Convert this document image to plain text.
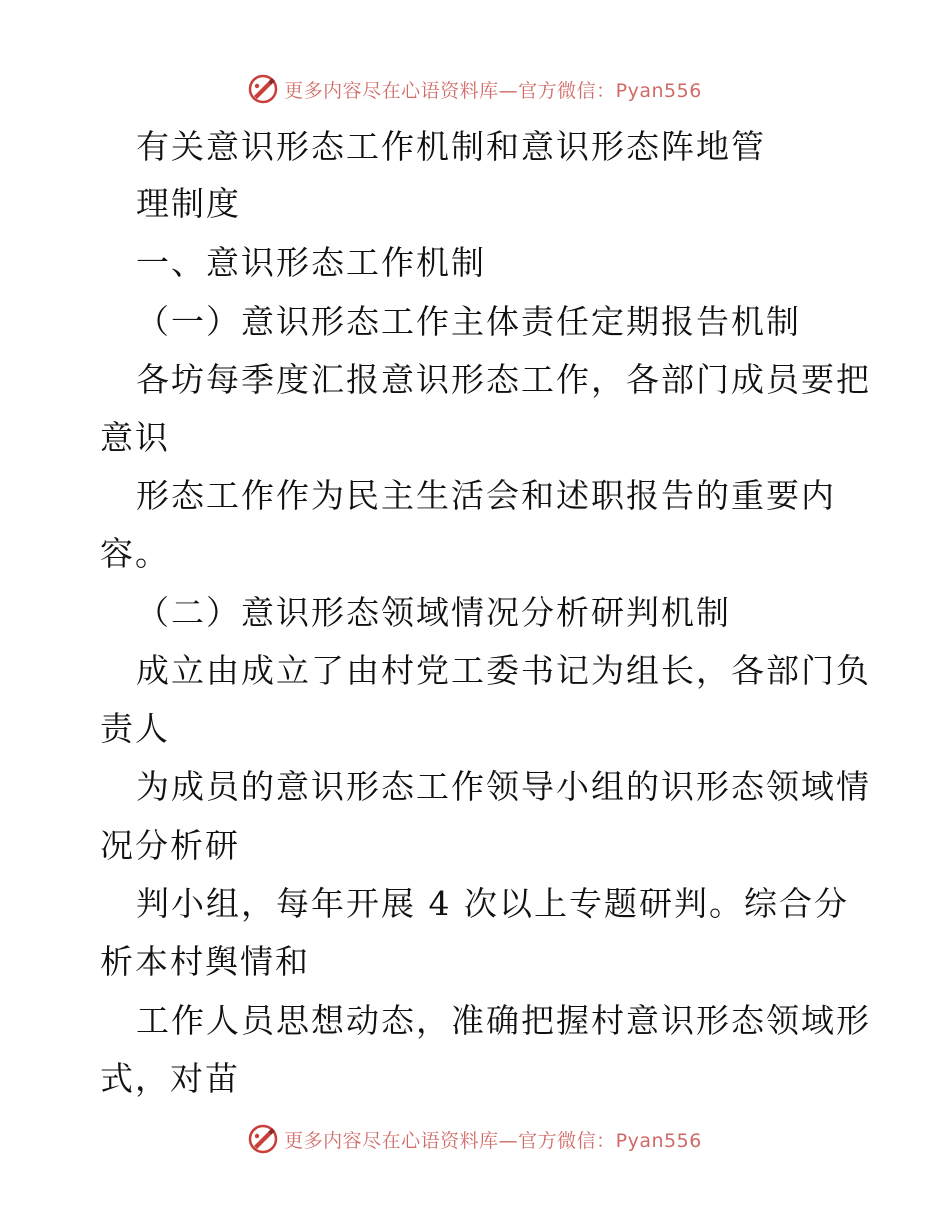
更多内容尽在心语资料库—官方微信：Pyan556
有关意识形态工作机制和意识形态阵地管
理制度
一、意识形态工作机制
（一）意识形态工作主体责任定期报告机制
各坊每季度汇报意识形态工作，各部门成员要把
意识
形态工作作为民主生活会和述职报告的重要内
容。
（二）意识形态领域情况分析研判机制
成立由成立了由村党工委书记为组长，各部门负
责人
为成员的意识形态工作领导小组的识形态领域情
况分析研
判小组，每年开展 4 次以上专题研判。综合分
析本村舆情和
工作人员思想动态，准确把握村意识形态领域形
式，对苗
更多内容尽在心语资料库—官方微信：Pyan556
